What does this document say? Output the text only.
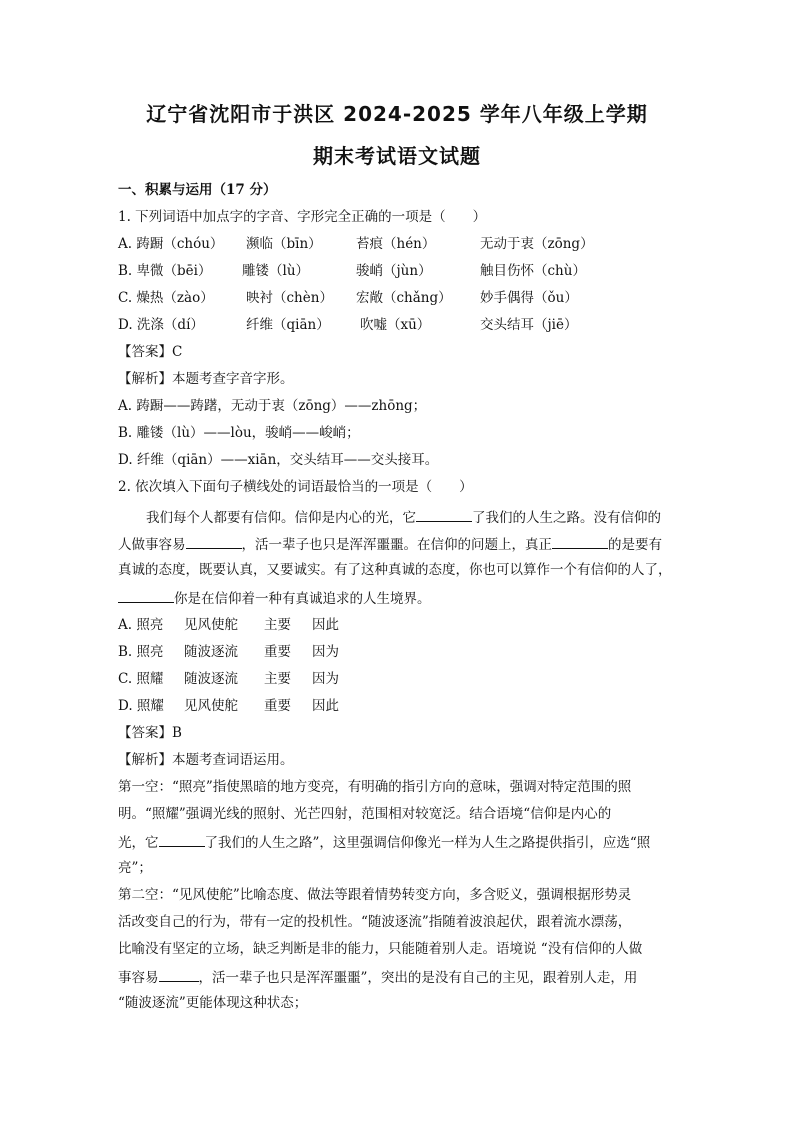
辽宁省沈阳市于洪区 2024-2025 学年八年级上学期
期末考试语文试题
一、积累与运用（17 分）
1. 下列词语中加点字的字音、字形完全正确的一项是（　　）
A. 踌蹰（chóu） 濒临（bīn）	苔痕（hén）	无动于衷（zōng）
B. 卑微（bēi） 雕镂（lù）	骏峭（jùn）	触目伤怀（chù）
C. 燥热（zào） 映衬（chèn） 宏敞（chǎng） 妙手偶得（ǒu）
D. 洗涤（dí）	纤维（qiān） 吹嘘（xū）	交头结耳（jiē）
【答案】C
【解析】本题考查字音字形。
A. 踌蹰——踌躇，无动于衷（zōng）——zhōng；
B. 雕镂（lù）——lòu，骏峭——峻峭；
D. 纤维（qiān）——xiān，交头结耳——交头接耳。
2. 依次填入下面句子横线处的词语最恰当的一项是（　　）
我们每个人都要有信仰。信仰是内心的光，它	了我们的人生之路。没有信仰的
人做事容易	，活一辈子也只是浑浑噩噩。在信仰的问题上，真正	的是要有
真诚的态度，既要认真，又要诚实。有了这种真诚的态度，你也可以算作一个有信仰的人了，
你是在信仰着一种有真诚追求的人生境界。
A. 照亮 见风使舵 主要 因此
B. 照亮 随波逐流 重要 因为
C. 照耀 随波逐流 主要 因为
D. 照耀 见风使舵 重要 因此
【答案】B
【解析】本题考查词语运用。
第一空：“照亮”指使黑暗的地方变亮，有明确的指引方向的意味，强调对特定范围的照
明。“照耀”强调光线的照射、光芒四射，范围相对较宽泛。结合语境“信仰是内心的
光，它	了我们的人生之路”，这里强调信仰像光一样为人生之路提供指引，应选“照
亮”；
第二空：“见风使舵”比喻态度、做法等跟着情势转变方向，多含贬义，强调根据形势灵
活改变自己的行为，带有一定的投机性。“随波逐流”指随着波浪起伏，跟着流水漂荡，
比喻没有坚定的立场，缺乏判断是非的能力，只能随着别人走。语境说 “没有信仰的人做
事容易	，活一辈子也只是浑浑噩噩”，突出的是没有自己的主见，跟着别人走，用
“随波逐流”更能体现这种状态；
